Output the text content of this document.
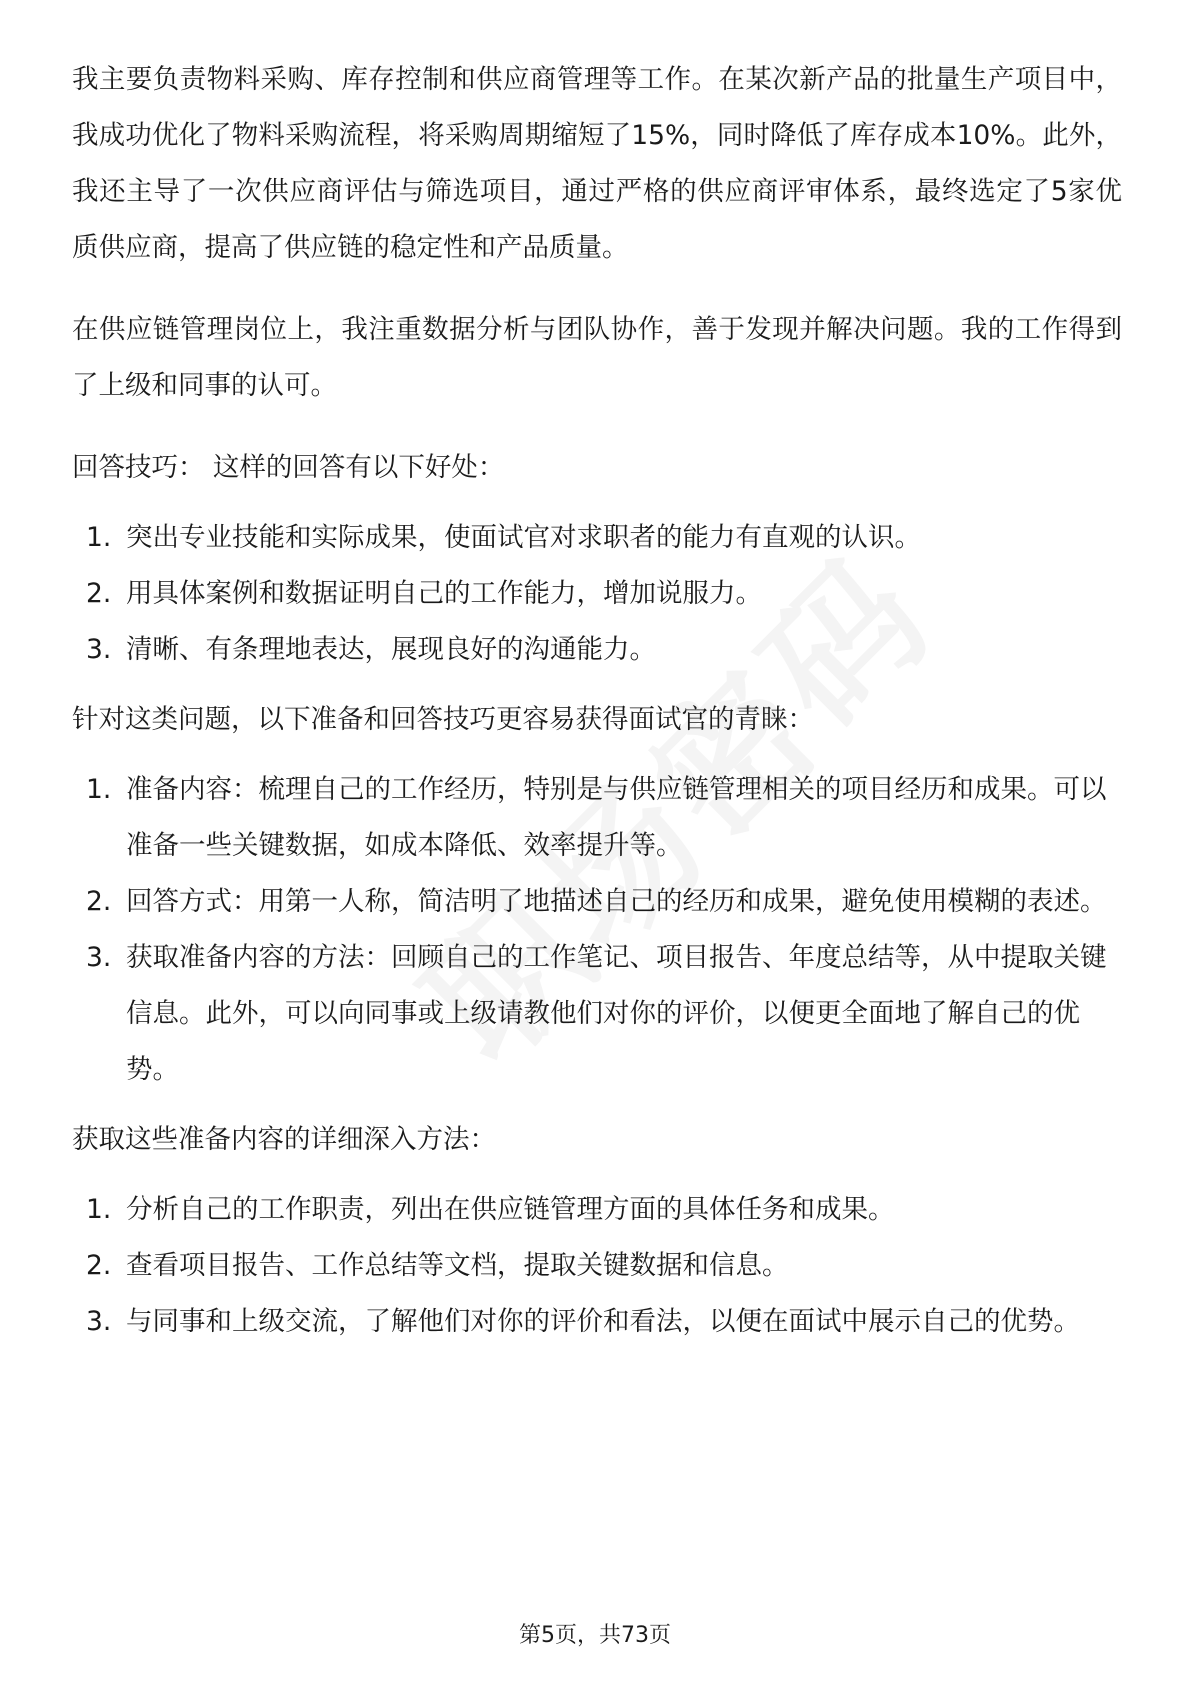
我主要负责物料采购、库存控制和供应商管理等工作。在某次新产品的批量生产项目中，我成功优化了物料采购流程，将采购周期缩短了15%，同时降低了库存成本10%。此外，我还主导了一次供应商评估与筛选项目，通过严格的供应商评审体系，最终选定了5家优质供应商，提高了供应链的稳定性和产品质量。

在供应链管理岗位上，我注重数据分析与团队协作，善于发现并解决问题。我的工作得到了上级和同事的认可。

回答技巧： 这样的回答有以下好处：

1. 突出专业技能和实际成果，使面试官对求职者的能力有直观的认识。
2. 用具体案例和数据证明自己的工作能力，增加说服力。
3. 清晰、有条理地表达，展现良好的沟通能力。

针对这类问题，以下准备和回答技巧更容易获得面试官的青睐：

1. 准备内容：梳理自己的工作经历，特别是与供应链管理相关的项目经历和成果。可以准备一些关键数据，如成本降低、效率提升等。
2. 回答方式：用第一人称，简洁明了地描述自己的经历和成果，避免使用模糊的表述。
3. 获取准备内容的方法：回顾自己的工作笔记、项目报告、年度总结等，从中提取关键信息。此外，可以向同事或上级请教他们对你的评价，以便更全面地了解自己的优势。

获取这些准备内容的详细深入方法：

1. 分析自己的工作职责，列出在供应链管理方面的具体任务和成果。
2. 查看项目报告、工作总结等文档，提取关键数据和信息。
3. 与同事和上级交流，了解他们对你的评价和看法，以便在面试中展示自己的优势。
第5页，共73页
